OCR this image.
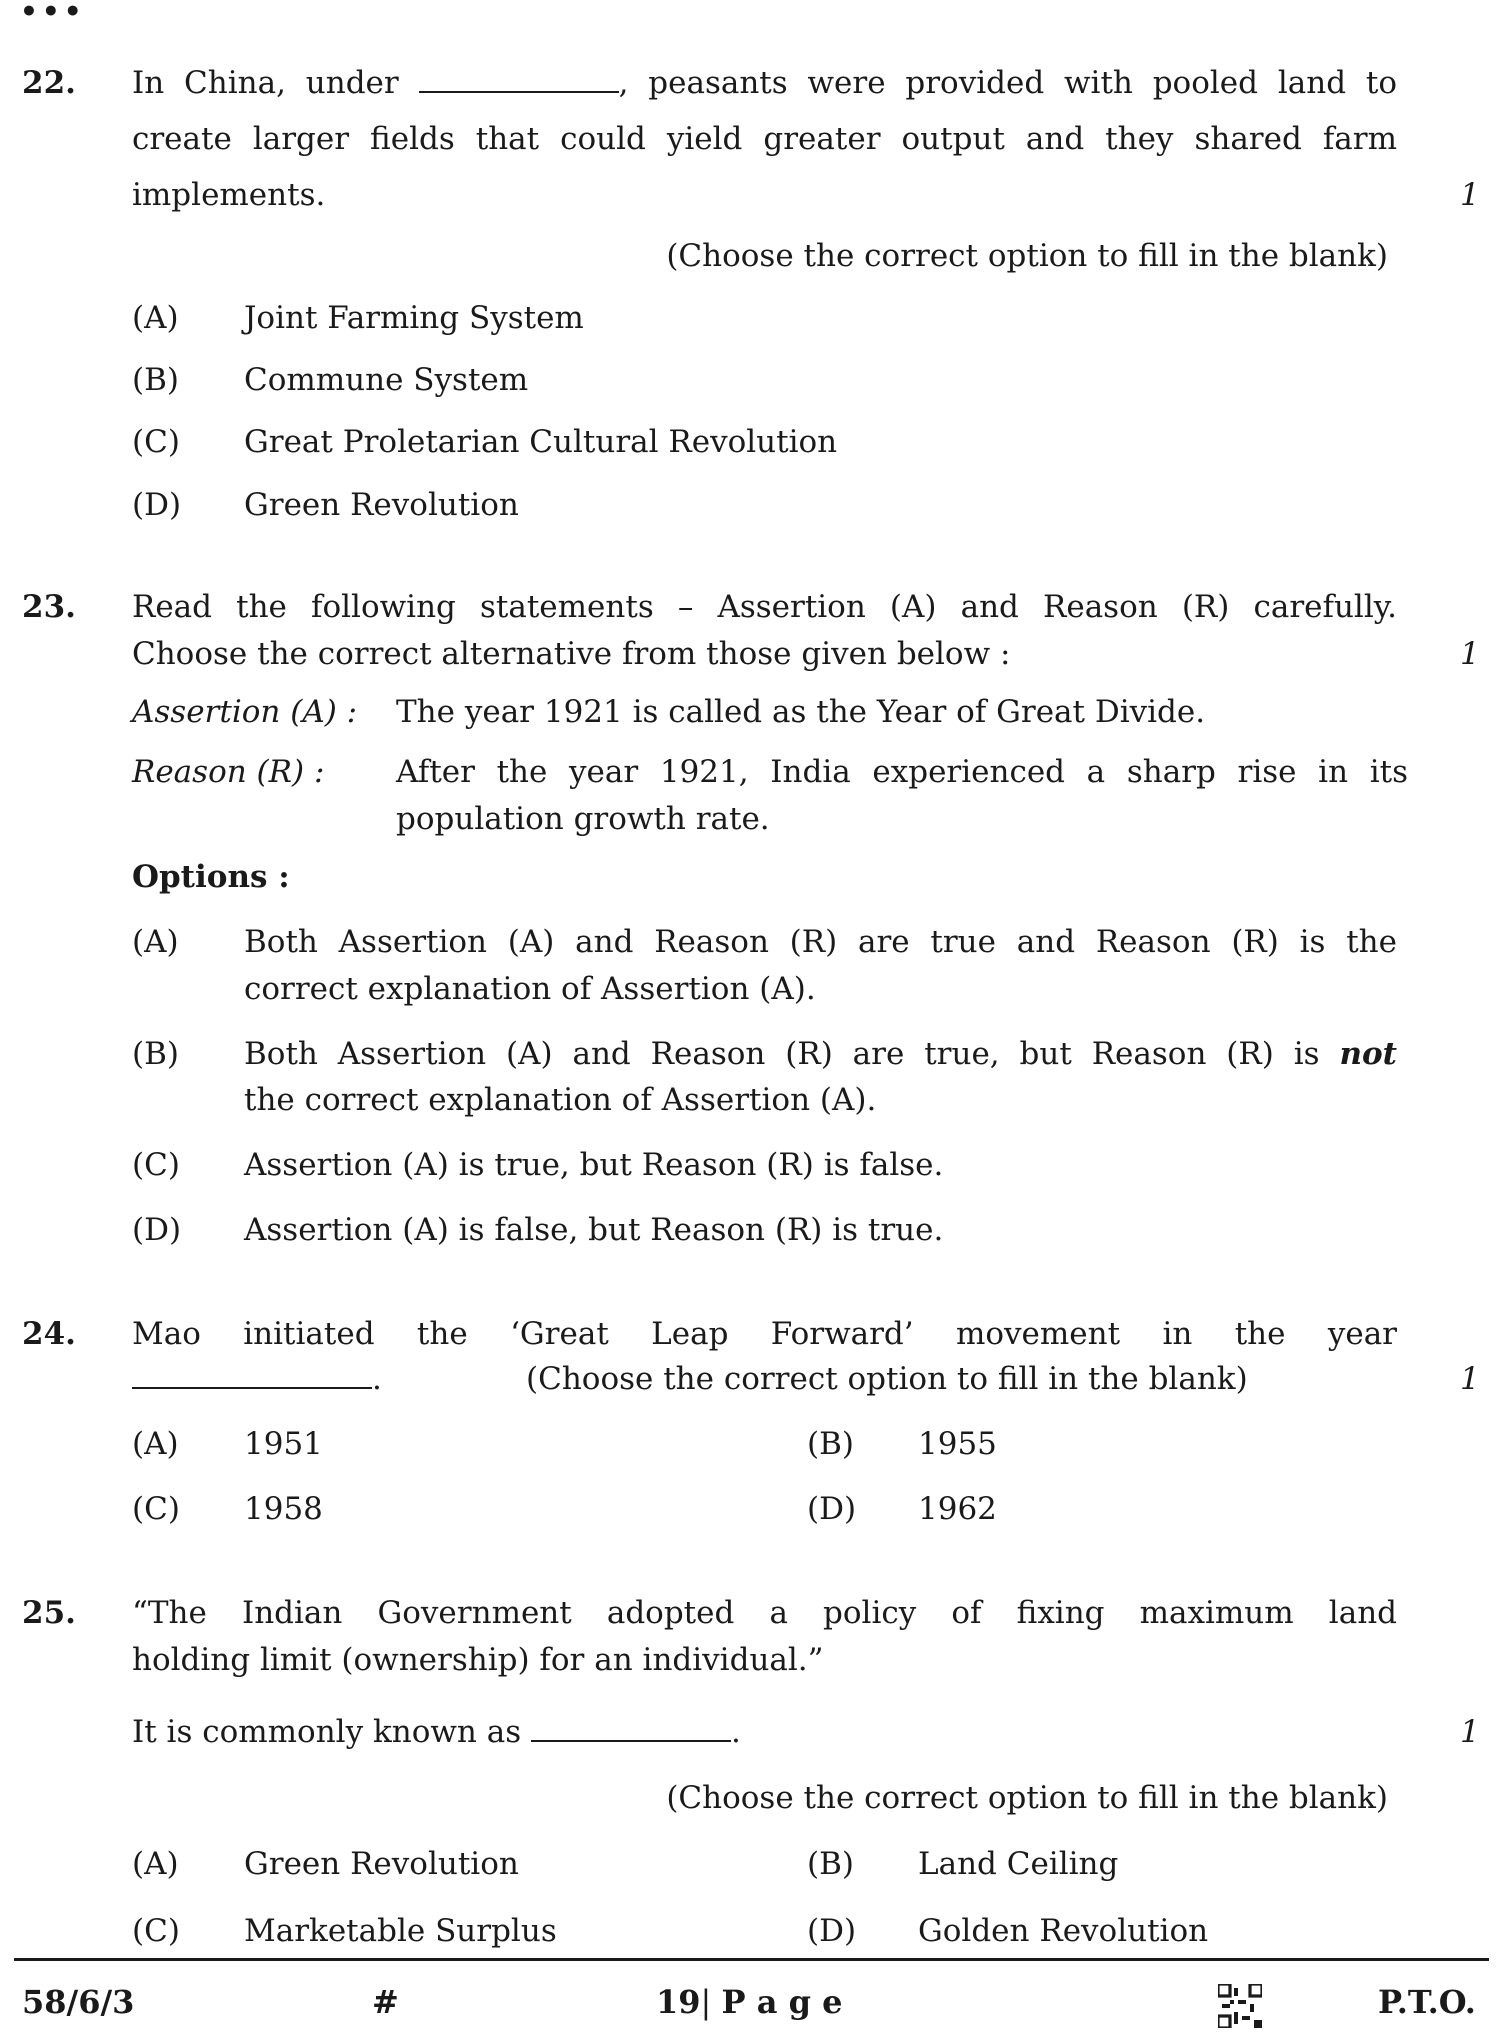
•••
22. In China, under	, peasants were provided with pooled land to
create larger fields that could yield greater output and they shared farm
implements.	1
(Choose the correct option to fill in the blank)
(A) Joint Farming System
(B) Commune System
(C) Great Proletarian Cultural Revolution
(D) Green Revolution
23. Read the following statements – Assertion (A) and Reason (R) carefully.
Choose the correct alternative from those given below :	1
Assertion (A) : The year 1921 is called as the Year of Great Divide.
Reason (R) : After the year 1921, India experienced a sharp rise in its
population growth rate.
Options :
(A) Both Assertion (A) and Reason (R) are true and Reason (R) is the
correct explanation of Assertion (A).
(B) Both Assertion (A) and Reason (R) are true, but Reason (R) is not
the correct explanation of Assertion (A).
(C) Assertion (A) is true, but Reason (R) is false.
(D) Assertion (A) is false, but Reason (R) is true.
24. Mao initiated the ‘Great Leap Forward’ movement in the year
.	(Choose the correct option to fill in the blank)	1
(A) 1951	(B) 1955
(C) 1958	(D) 1962
25. “The Indian Government adopted a policy of fixing maximum land
holding limit (ownership) for an individual.”
It is commonly known as	.	1
(Choose the correct option to fill in the blank)
(A) Green Revolution	(B) Land Ceiling
(C) Marketable Surplus	(D) Golden Revolution
58/6/3	#	19| P a g e	P.T.O.
